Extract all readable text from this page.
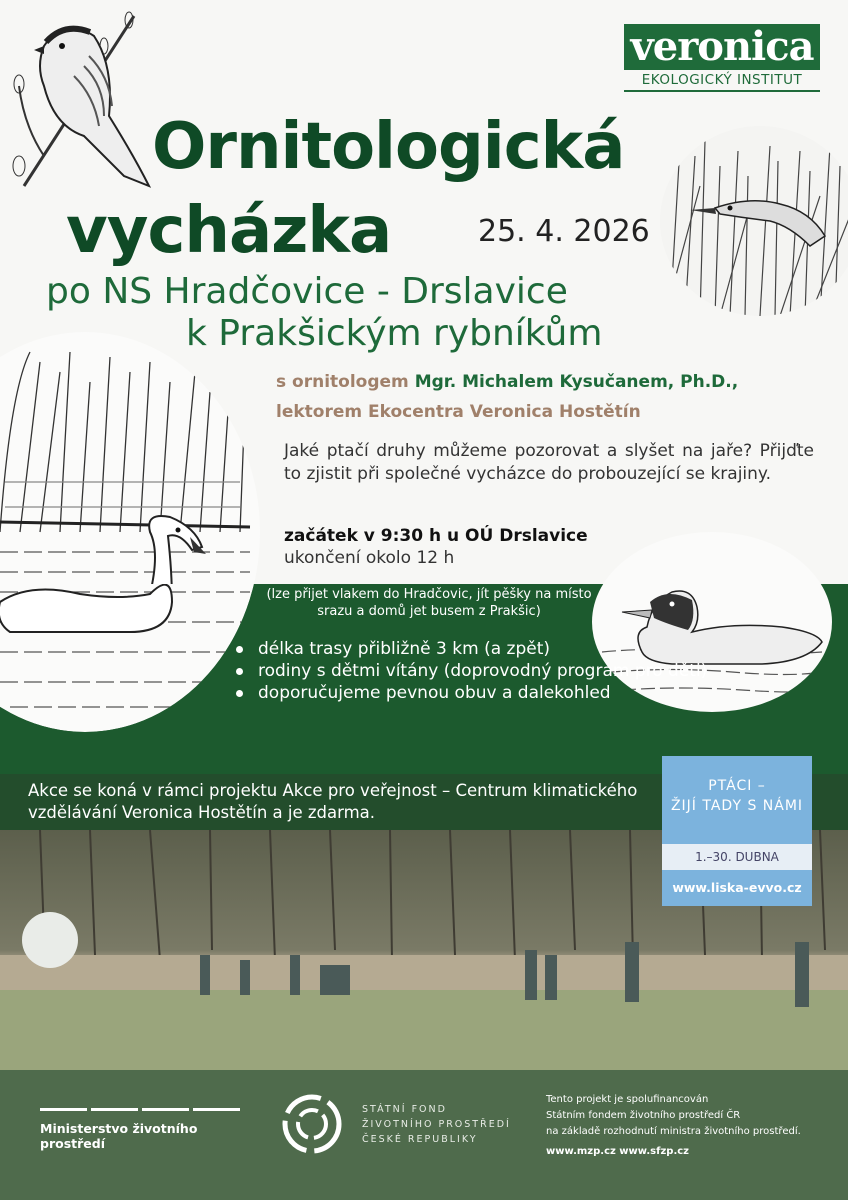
veronica
EKOLOGICKÝ INSTITUT
Ornitologická
vycházka	25. 4. 2026
po NS Hradčovice - Drslavice
k Prakšickým rybníkům
s ornitologem Mgr. Michalem Kysučanem, Ph.D.,
lektorem Ekocentra Veronica Hostětín
Jaké ptačí druhy můžeme pozorovat a slyšet na jaře? Přijďte to zjistit při společné vycházce do probouzející se krajiny.
začátek v 9:30 h u OÚ Drslavice
ukončení okolo 12 h
(lze přijet vlakem do Hradčovic, jít pěšky na místo srazu a domů jet busem z Prakšic)
délka trasy přibližně 3 km (a zpět)
rodiny s dětmi vítány (doprovodný program pro děti)
doporučujeme pevnou obuv a dalekohled
Akce se koná v rámci projektu Akce pro veřejnost – Centrum klimatického vzdělávání Veronica Hostětín a je zdarma.
PTÁCI –
ŽIJÍ TADY S NÁMI
1.–30. DUBNA
www.liska-evvo.cz
Ministerstvo životního prostředí
STÁTNÍ FOND
ŽIVOTNÍHO PROSTŘEDÍ
ČESKÉ REPUBLIKY
Tento projekt je spolufinancován
Státním fondem životního prostředí ČR
na základě rozhodnutí ministra životního prostředí.
www.mzp.cz www.sfzp.cz
